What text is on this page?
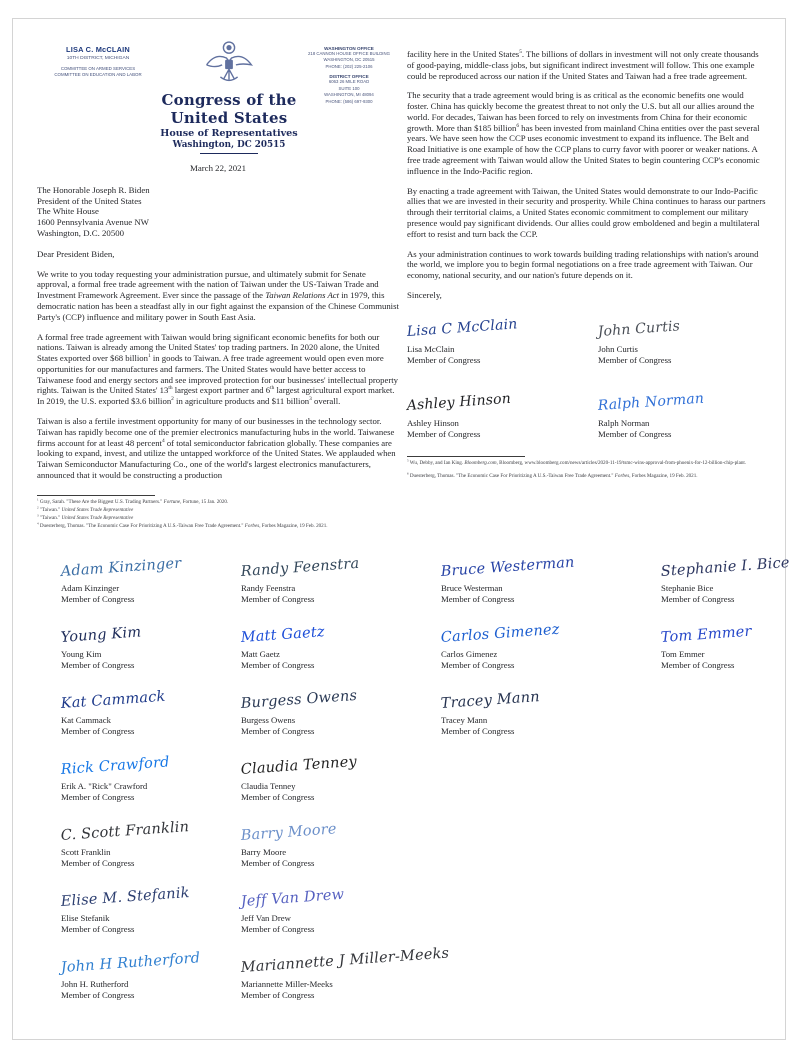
LISA C. McCLAIN
10TH DISTRICT, MICHIGAN
COMMITTEE ON ARMED SERVICES
COMMITTEE ON EDUCATION AND LABOR
Congress of the United States
House of Representatives
Washington, DC 20515
WASHINGTON OFFICE
218 CANNON HOUSE OFFICE BUILDING
WASHINGTON, DC 20515
PHONE: (202) 225-2106
DISTRICT OFFICE
6063 26 MILE ROAD
SUITE 100
WASHINGTON, MI 48094
PHONE: (586) 697-9300
March 22, 2021
The Honorable Joseph R. Biden
President of the United States
The White House
1600 Pennsylvania Avenue NW
Washington, D.C. 20500
Dear President Biden,

We write to you today requesting your administration pursue, and ultimately submit for Senate approval, a formal free trade agreement with the nation of Taiwan under the US-Taiwan Trade and Investment Framework Agreement. Ever since the passage of the Taiwan Relations Act in 1979, this democratic nation has been a steadfast ally in our fight against the expansion of the Chinese Communist Party's (CCP) influence and military power in South East Asia.

A formal free trade agreement with Taiwan would bring significant economic benefits for both our nations. Taiwan is already among the United States' top trading partners. In 2020 alone, the United States exported over $68 billion$^1$ in goods to Taiwan. A free trade agreement would open even more opportunities for our manufactures and farmers. The United States would have better access to Taiwanese food and energy sectors and see improved protection for our businesses' intellectual property rights. Taiwan is the United States' 13th largest export partner and 6th largest agricultural export market. In 2019, the U.S. exported $3.6 billion$^2$ in agriculture products and $11 billion$^3$ overall.

Taiwan is also a fertile investment opportunity for many of our businesses in the technology sector. Taiwan has rapidly become one of the premier electronics manufacturing hubs in the world. Taiwanese firms account for at least 48 percent$^4$ of total semiconductor fabrication globally. These companies are looking to expand, invest, and utilize the untapped workforce of the United States. We applauded when Taiwan Semiconductor Manufacturing Co., one of the world's largest electronics manufacturers, announced that it would be constructing a production

$^1$ Gray, Sarah. "These Are the Biggest U.S. Trading Partners." Fortune, Fortune, 15 Jan. 2020.
$^2$ "Taiwan." United States Trade Representative
$^3$ "Taiwan." United States Trade Representative
$^4$ Duesterberg, Thomas. "The Economic Case For Prioritizing A U.S.-Taiwan Free Trade Agreement." Forbes, Forbes Magazine, 19 Feb. 2021.

facility here in the United States$^5$. The billions of dollars in investment will not only create thousands of good-paying, middle-class jobs, but significant indirect investment will follow. This one example could be reproduced across our nation if the United States and Taiwan had a free trade agreement.

The security that a trade agreement would bring is as critical as the economic benefits one would foster. China has quickly become the greatest threat to not only the U.S. but all our allies around the world. For decades, Taiwan has been forced to rely on investments from China for their economic growth. More than $185 billion$^6$ has been invested from mainland China entities over the past several years. We have seen how the CCP uses economic investment to expand its influence. The Belt and Road Initiative is one example of how the CCP plans to curry favor with poorer or weaker nations. A free trade agreement with Taiwan would allow the United States to begin countering CCP's economic influence in the Indo-Pacific region.

By enacting a trade agreement with Taiwan, the United States would demonstrate to our Indo-Pacific allies that we are invested in their security and prosperity. While China continues to harass our partners through their territorial claims, a United States economic commitment to complement our military presence would pay significant dividends. Our allies could grow emboldened and begin a multilateral effort to resist and turn back the CCP.

As your administration continues to work towards building trading relationships with nation's around the world, we implore you to begin formal negotiations on a free trade agreement with Taiwan. Our economy, national security, and our nation's future depends on it.

Sincerely,
Lisa C McClain
Lisa McClain
Member of Congress
John Curtis
John Curtis
Member of Congress
Ashley Hinson
Ashley Hinson
Member of Congress
Ralph Norman
Ralph Norman
Member of Congress
$^5$ Wu, Debby, and Ian King. Bloomberg.com, Bloomberg, www.bloomberg.com/news/articles/2020-11-19/tsmc-wins-approval-from-phoenix-for-12-billion-chip-plant.
$^6$ Duesterberg, Thomas. "The Economic Case For Prioritizing A U.S.-Taiwan Free Trade Agreement." Forbes, Forbes Magazine, 19 Feb. 2021.
Adam Kinzinger
Adam Kinzinger
Member of Congress
Young Kim
Young Kim
Member of Congress
Kat Cammack
Kat Cammack
Member of Congress
Rick Crawford
Erik A. "Rick" Crawford
Member of Congress
C. Scott Franklin
Scott Franklin
Member of Congress
Elise M. Stefanik
Elise Stefanik
Member of Congress
John H Rutherford
John H. Rutherford
Member of Congress
Randy Feenstra
Randy Feenstra
Member of Congress
Matt Gaetz
Matt Gaetz
Member of Congress
Burgess Owens
Burgess Owens
Member of Congress
Claudia Tenney
Claudia Tenney
Member of Congress
Barry Moore
Barry Moore
Member of Congress
Jeff Van Drew
Jeff Van Drew
Member of Congress
Mariannette J Miller-Meeks
Mariannette Miller-Meeks
Member of Congress
Bruce Westerman
Bruce Westerman
Member of Congress
Carlos Gimenez
Carlos Gimenez
Member of Congress
Tracey Mann
Tracey Mann
Member of Congress
Stephanie I. Bice
Stephanie Bice
Member of Congress
Tom Emmer
Tom Emmer
Member of Congress
